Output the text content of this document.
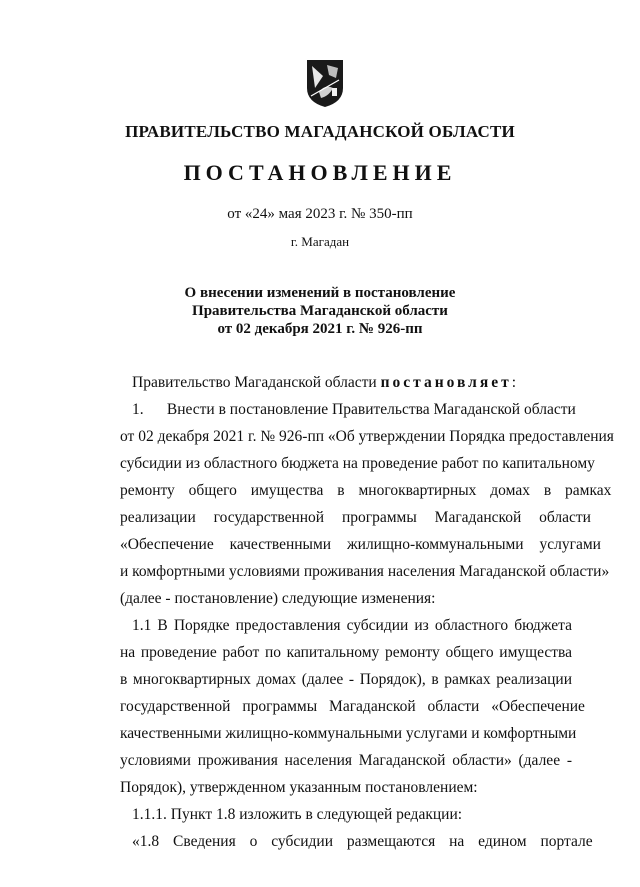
ПРАВИТЕЛЬСТВО МАГАДАНСКОЙ ОБЛАСТИ
ПОСТАНОВЛЕНИЕ
от «24» мая 2023 г. № 350-пп
г. Магадан
О внесении изменений в постановление
Правительства Магаданской области
от 02 декабря 2021 г. № 926-пп
Правительство Магаданской области постановляет:
1.      Внести в постановление Правительства Магаданской области
от 02 декабря 2021 г. № 926-пп «Об утверждении Порядка предоставления
субсидии из областного бюджета на проведение работ по капитальному
ремонту общего имущества в многоквартирных домах в рамках
реализации государственной программы Магаданской области
«Обеспечение качественными жилищно-коммунальными услугами
и комфортными условиями проживания населения Магаданской области»
(далее - постановление) следующие изменения:
1.1 В Порядке предоставления субсидии из областного бюджета
на проведение работ по капитальному ремонту общего имущества
в многоквартирных домах (далее - Порядок), в рамках реализации
государственной программы Магаданской области «Обеспечение
качественными жилищно-коммунальными услугами и комфортными
условиями проживания населения Магаданской области» (далее -
Порядок), утвержденном указанным постановлением:
1.1.1. Пункт 1.8 изложить в следующей редакции:
«1.8 Сведения о субсидии размещаются на едином портале
